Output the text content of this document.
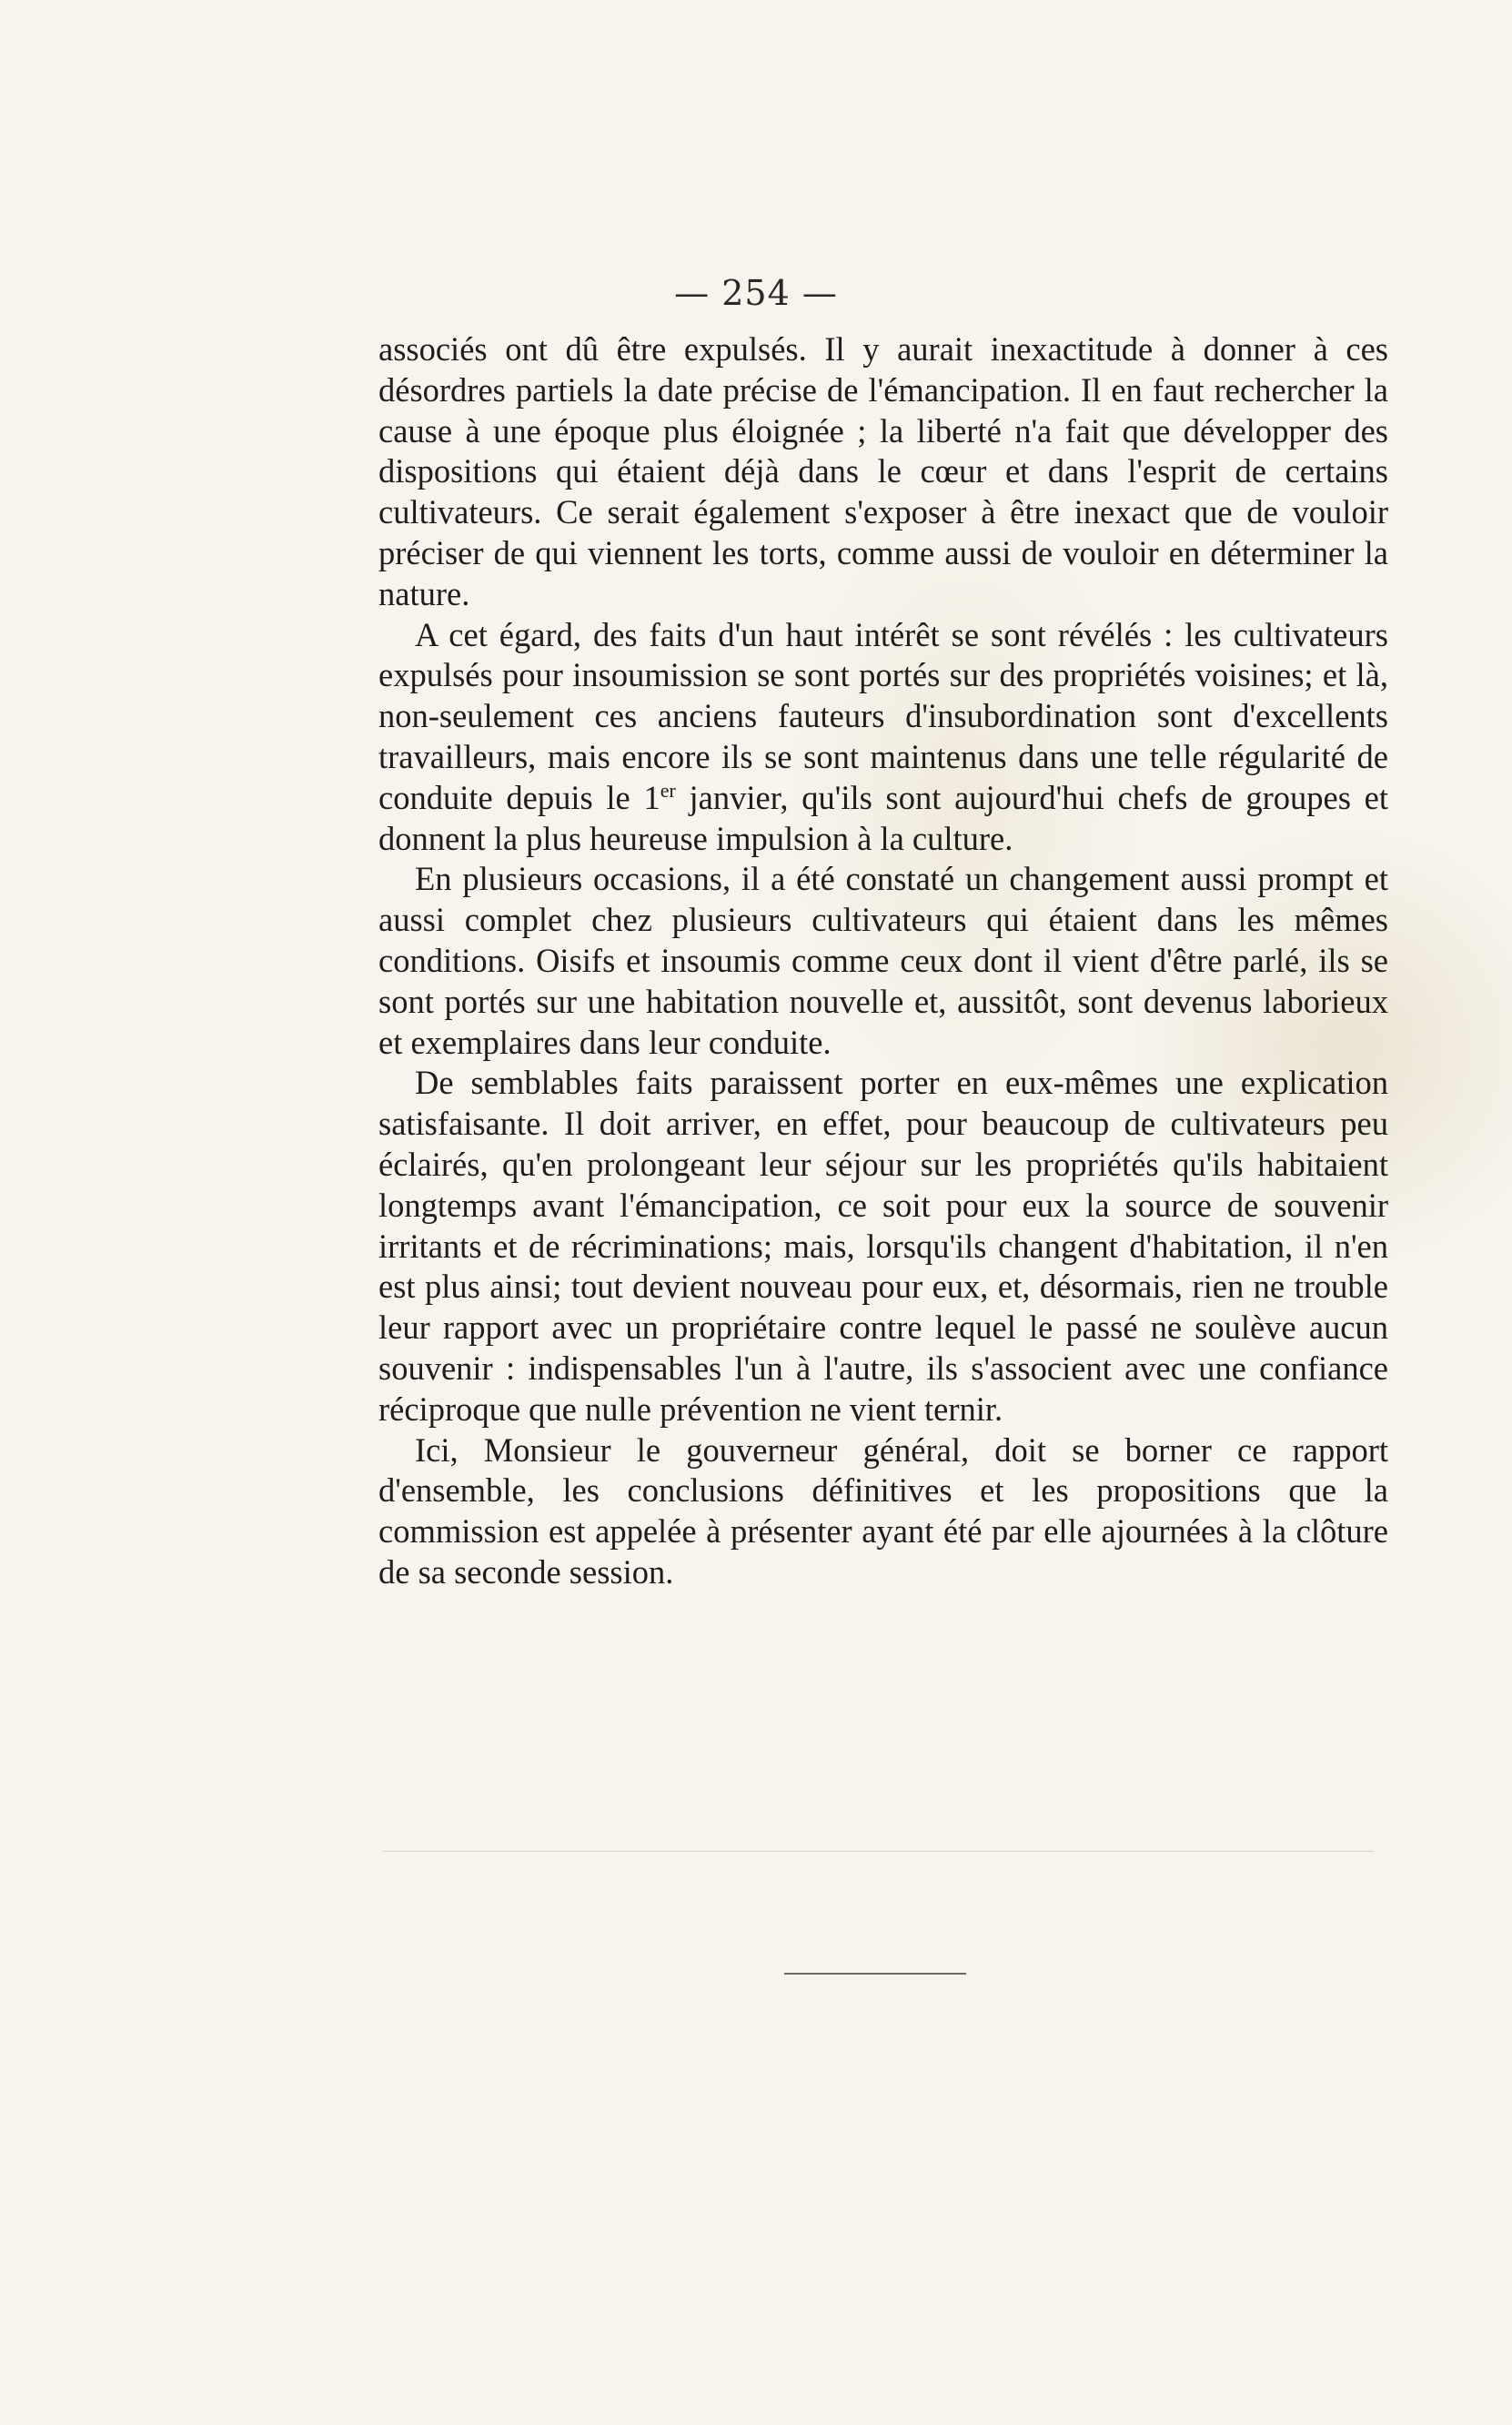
— 254 —

associés ont dû être expulsés. Il y aurait inexactitude à donner à ces désordres partiels la date précise de l'émancipation. Il en faut rechercher la cause à une époque plus éloignée ; la liberté n'a fait que développer des dispositions qui étaient déjà dans le cœur et dans l'esprit de certains cultivateurs. Ce serait également s'exposer à être inexact que de vouloir préciser de qui viennent les torts, comme aussi de vouloir en déterminer la nature.

A cet égard, des faits d'un haut intérêt se sont révélés : les cultivateurs expulsés pour insoumission se sont portés sur des propriétés voisines; et là, non-seulement ces anciens fauteurs d'insubordination sont d'excellents travailleurs, mais encore ils se sont maintenus dans une telle régularité de conduite depuis le 1er janvier, qu'ils sont aujourd'hui chefs de groupes et donnent la plus heureuse impulsion à la culture.

En plusieurs occasions, il a été constaté un changement aussi prompt et aussi complet chez plusieurs cultivateurs qui étaient dans les mêmes conditions. Oisifs et insoumis comme ceux dont il vient d'être parlé, ils se sont portés sur une habitation nouvelle et, aussitôt, sont devenus laborieux et exemplaires dans leur conduite.

De semblables faits paraissent porter en eux-mêmes une explication satisfaisante. Il doit arriver, en effet, pour beaucoup de cultivateurs peu éclairés, qu'en prolongeant leur séjour sur les propriétés qu'ils habitaient longtemps avant l'émancipation, ce soit pour eux la source de souvenir irritants et de récriminations; mais, lorsqu'ils changent d'habitation, il n'en est plus ainsi; tout devient nouveau pour eux, et, désormais, rien ne trouble leur rapport avec un propriétaire contre lequel le passé ne soulève aucun souvenir : indispensables l'un à l'autre, ils s'associent avec une confiance réciproque que nulle prévention ne vient ternir.

Ici, Monsieur le gouverneur général, doit se borner ce rapport d'ensemble, les conclusions définitives et les propositions que la commission est appelée à présenter ayant été par elle ajournées à la clôture de sa seconde session.
